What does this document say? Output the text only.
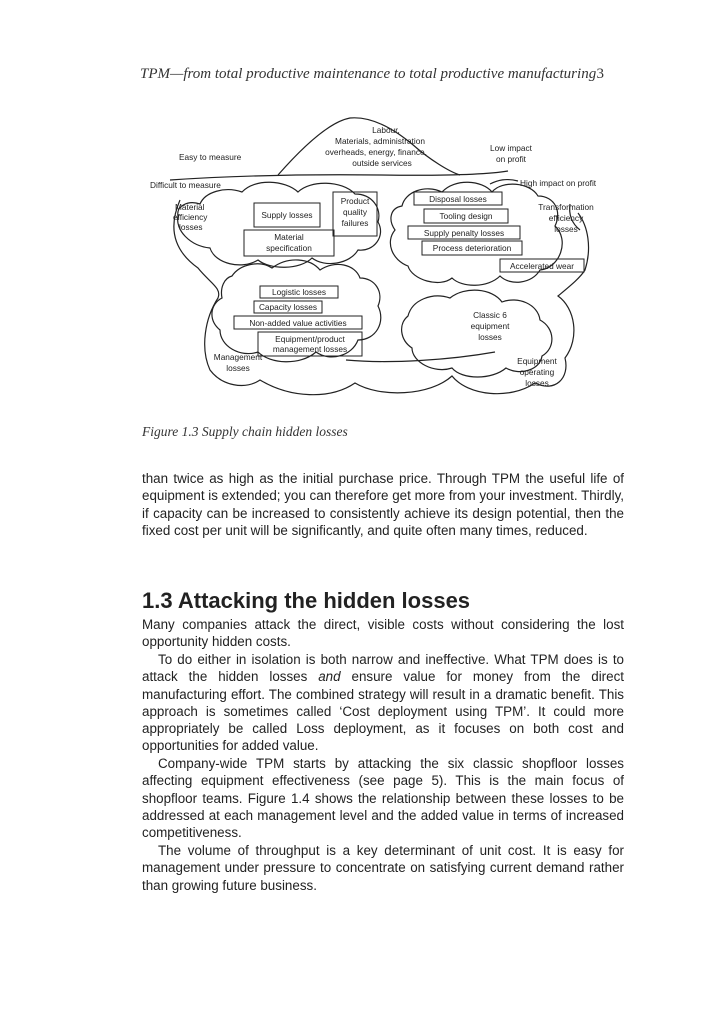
TPM—from total productive maintenance to total productive manufacturing 3
Labour,
Materials, administration
overheads, energy, finance,
outside services
Easy to measure
Difficult to measure
Low impact
on profit
High impact on profit
Material
efficiency
losses
Supply losses
Product
quality
failures
Material
specification
Disposal losses
Tooling design
Supply penalty losses
Process deterioration
Accelerated wear
Transformation
efficiency
losses
Logistic losses
Capacity losses
Non-added value activities
Equipment/product
management losses
Management
losses
Classic 6
equipment
losses
Equipment
operating
losses
Figure 1.3 Supply chain hidden losses

than twice as high as the initial purchase price. Through TPM the useful life of equipment is extended; you can therefore get more from your investment. Thirdly, if capacity can be increased to consistently achieve its design potential, then the fixed cost per unit will be significantly, and quite often many times, reduced.

1.3 Attacking the hidden losses

Many companies attack the direct, visible costs without considering the lost opportunity hidden costs.

To do either in isolation is both narrow and ineffective. What TPM does is to attack the hidden losses and ensure value for money from the direct manufacturing effort. The combined strategy will result in a dramatic benefit. This approach is sometimes called ‘Cost deployment using TPM’. It could more appropriately be called Loss deployment, as it focuses on both cost and opportunities for added value.

Company-wide TPM starts by attacking the six classic shopfloor losses affecting equipment effectiveness (see page 5). This is the main focus of shopfloor teams. Figure 1.4 shows the relationship between these losses to be addressed at each management level and the added value in terms of increased competitiveness.

The volume of throughput is a key determinant of unit cost. It is easy for management under pressure to concentrate on satisfying current demand rather than growing future business.
